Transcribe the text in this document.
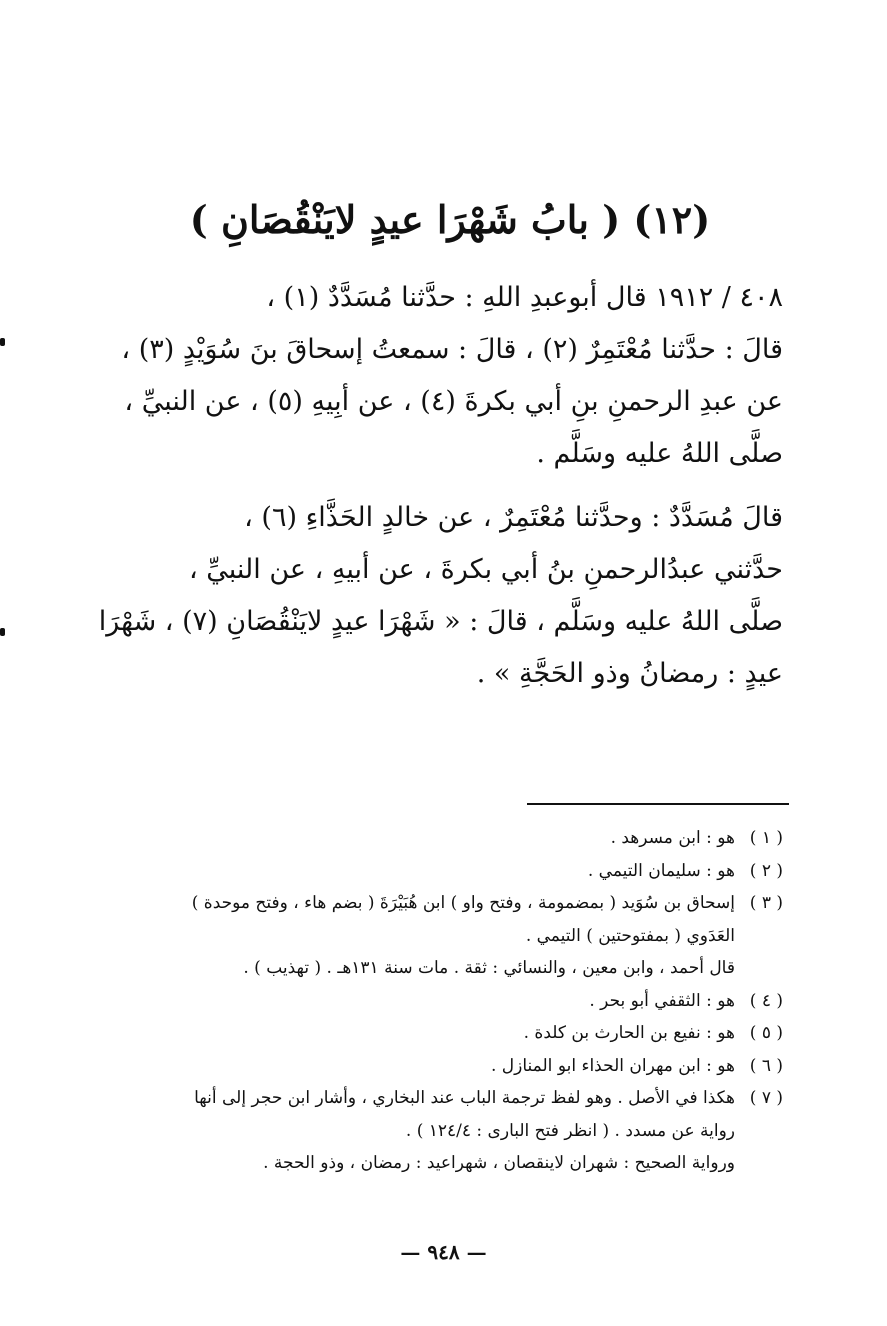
(١٢) ( بابُ شَهْرَا عيدٍ لايَنْقُصَانِ )
٤٠٨ / ١٩١٢ قال أبوعبدِ اللهِ : حدَّثنا مُسَدَّدٌ (١) ،
قالَ : حدَّثنا مُعْتَمِرٌ (٢) ، قالَ : سمعتُ إسحاقَ بنَ سُوَيْدٍ (٣) ،
عن عبدِ الرحمنِ بنِ أبي بكرةَ (٤) ، عن أبِيهِ (٥) ، عن النبيِّ ،
صلَّى اللهُ عليه وسَلَّم .
قالَ مُسَدَّدٌ : وحدَّثنا مُعْتَمِرٌ ، عن خالدٍ الحَذَّاءِ (٦) ،
حدَّثني عبدُالرحمنِ بنُ أبي بكرةَ ، عن أبيهِ ، عن النبيِّ ،
صلَّى اللهُ عليه وسَلَّم ، قالَ : « شَهْرَا عيدٍ لايَنْقُصَانِ (٧) ، شَهْرَا
عيدٍ : رمضانُ وذو الحَجَّةِ » .
( ١ )هو : ابن مسرهد .
( ٢ )هو : سليمان التيمي .
( ٣ )إسحاق بن سُوَيد ( بمضمومة ، وفتح واو ) ابن هُبَيْرَةَ ( بضم هاء ، وفتح موحدة )
العَدَوي ( بمفتوحتين ) التيمي .
قال أحمد ، وابن معين ، والنسائي : ثقة . مات سنة ١٣١هـ . ( تهذيب ) .
( ٤ )هو : الثقفي أبو بحر .
( ٥ )هو : نفيع بن الحارث بن كلدة .
( ٦ )هو : ابن مهران الحذاء ابو المنازل .
( ٧ )هكذا في الأصل . وهو لفظ ترجمة الباب عند البخاري ، وأشار ابن حجر إلى أنها
رواية عن مسدد . ( انظر فتح البارى : ١٢٤/٤ ) .
ورواية الصحيح : شهران لاينقصان ، شهراعيد : رمضان ، وذو الحجة .
— ٩٤٨ —
